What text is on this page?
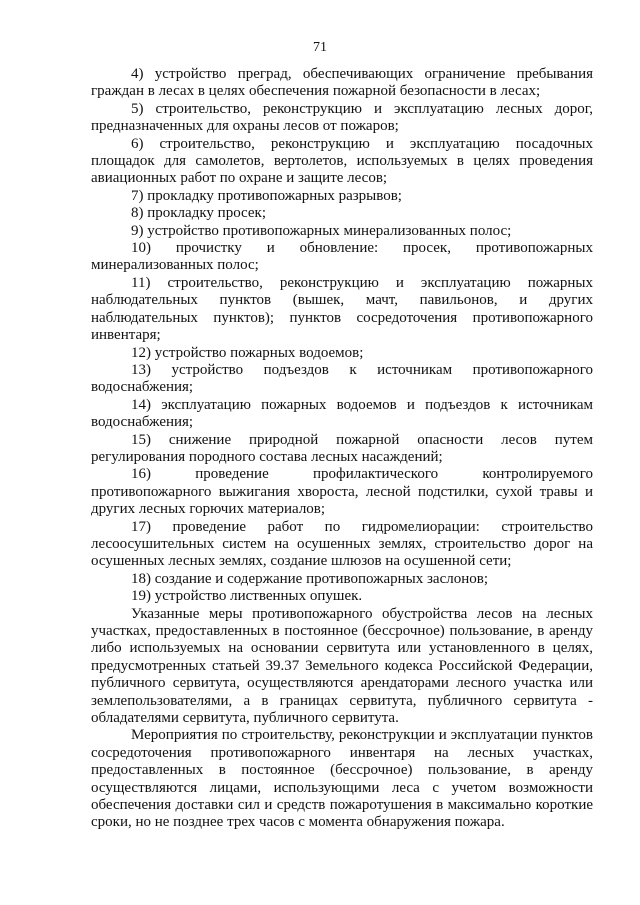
71

4) устройство преград, обеспечивающих ограничение пребывания граждан в лесах в целях обеспечения пожарной безопасности в лесах;

5) строительство, реконструкцию и эксплуатацию лесных дорог, предназначенных для охраны лесов от пожаров;

6) строительство, реконструкцию и эксплуатацию посадочных площадок для самолетов, вертолетов, используемых в целях проведения авиационных работ по охране и защите лесов;

7) прокладку противопожарных разрывов;

8) прокладку просек;

9) устройство противопожарных минерализованных полос;

10) прочистку и обновление: просек, противопожарных минерализованных полос;

11) строительство, реконструкцию и эксплуатацию пожарных наблюдательных пунктов (вышек, мачт, павильонов, и других наблюдательных пунктов); пунктов сосредоточения противопожарного инвентаря;

12) устройство пожарных водоемов;

13) устройство подъездов к источникам противопожарного водоснабжения;

14) эксплуатацию пожарных водоемов и подъездов к источникам водоснабжения;

15) снижение природной пожарной опасности лесов путем регулирования породного состава лесных насаждений;

16) проведение профилактического контролируемого противопожарного выжигания хвороста, лесной подстилки, сухой травы и других лесных горючих материалов;

17) проведение работ по гидромелиорации: строительство лесоосушительных систем на осушенных землях, строительство дорог на осушенных лесных землях, создание шлюзов на осушенной сети;

18) создание и содержание противопожарных заслонов;

19) устройство лиственных опушек.

Указанные меры противопожарного обустройства лесов на лесных участках, предоставленных в постоянное (бессрочное) пользование, в аренду либо используемых на основании сервитута или установленного в целях, предусмотренных статьей 39.37 Земельного кодекса Российской Федерации, публичного сервитута, осуществляются арендаторами лесного участка или землепользователями, а в границах сервитута, публичного сервитута - обладателями сервитута, публичного сервитута.

Мероприятия по строительству, реконструкции и эксплуатации пунктов сосредоточения противопожарного инвентаря на лесных участках, предоставленных в постоянное (бессрочное) пользование, в аренду осуществляются лицами, использующими леса с учетом возможности обеспечения доставки сил и средств пожаротушения в максимально короткие сроки, но не позднее трех часов с момента обнаружения пожара.
